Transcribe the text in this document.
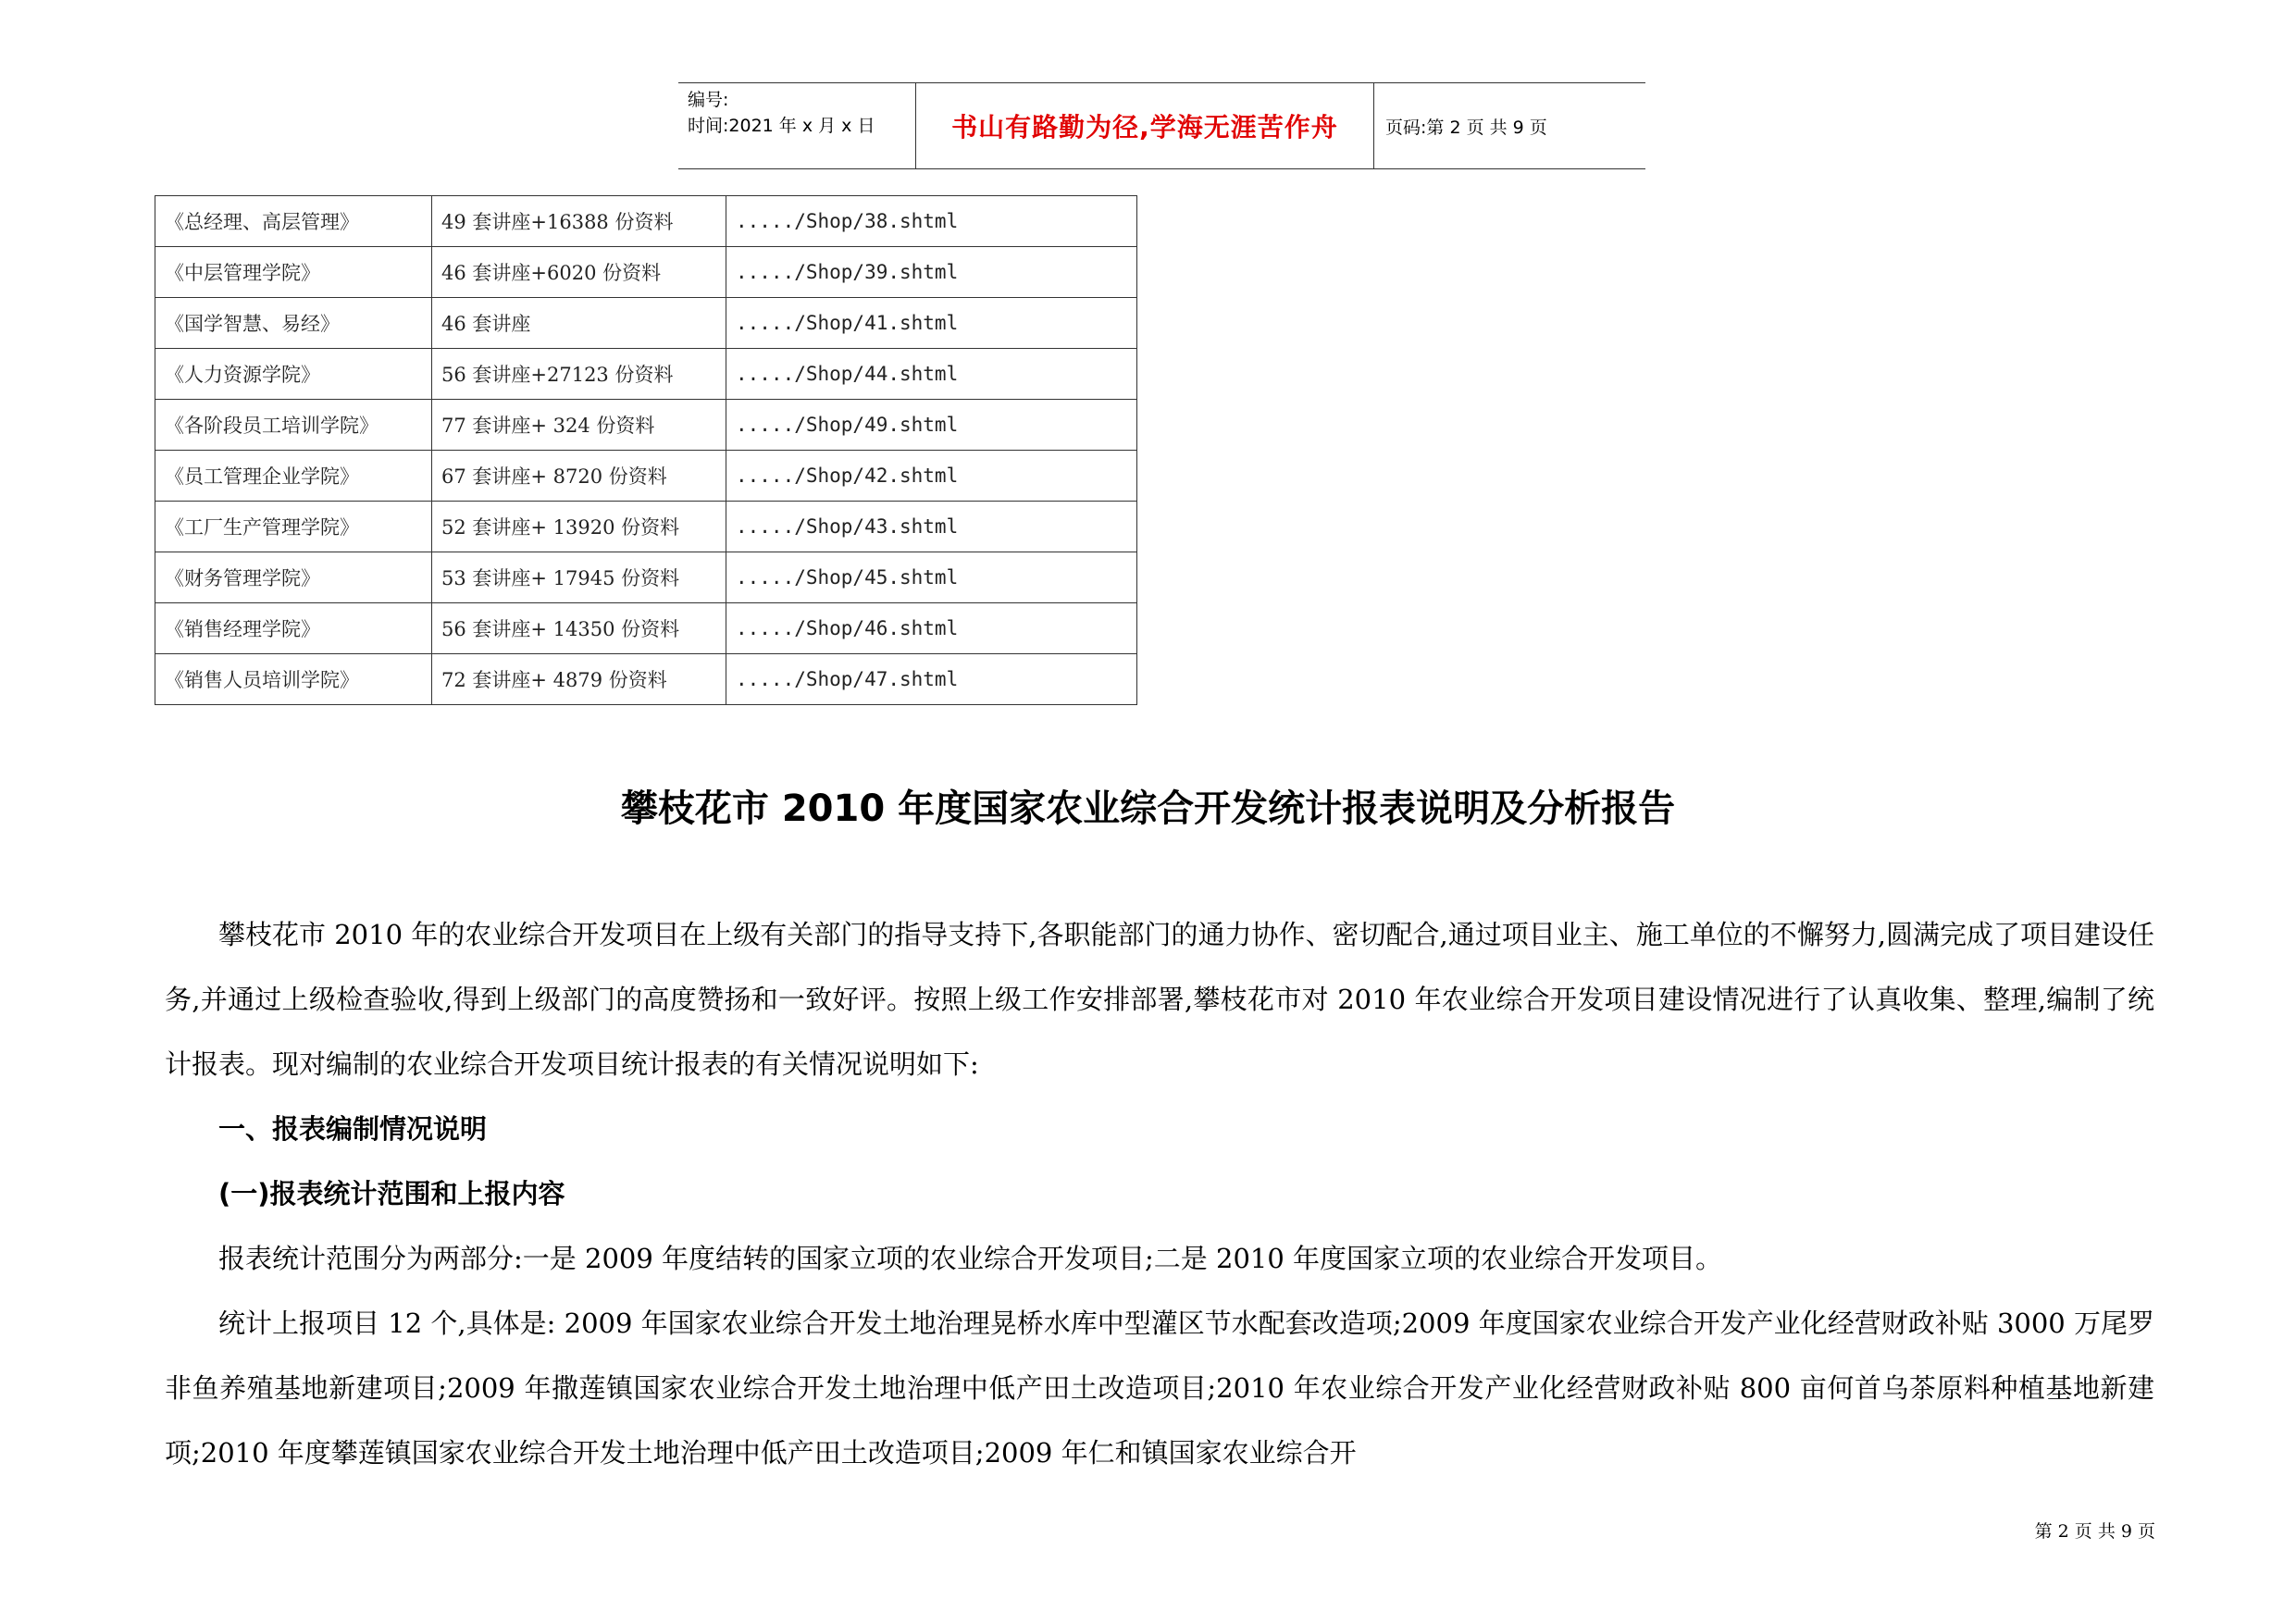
编号:
时间:2021 年 x 月 x 日	书山有路勤为径,学海无涯苦作舟	页码:第 2 页 共 9 页
《总经理、高层管理》	49 套讲座+16388 份资料	...../Shop/38.shtml
《中层管理学院》	46 套讲座+6020 份资料	...../Shop/39.shtml
《国学智慧、易经》	46 套讲座	...../Shop/41.shtml
《人力资源学院》	56 套讲座+27123 份资料	...../Shop/44.shtml
《各阶段员工培训学院》	77 套讲座+ 324 份资料	...../Shop/49.shtml
《员工管理企业学院》	67 套讲座+ 8720 份资料	...../Shop/42.shtml
《工厂生产管理学院》	52 套讲座+ 13920 份资料	...../Shop/43.shtml
《财务管理学院》	53 套讲座+ 17945 份资料	...../Shop/45.shtml
《销售经理学院》	56 套讲座+ 14350 份资料	...../Shop/46.shtml
《销售人员培训学院》	72 套讲座+ 4879 份资料	...../Shop/47.shtml
攀枝花市 2010 年度国家农业综合开发统计报表说明及分析报告

攀枝花市 2010 年的农业综合开发项目在上级有关部门的指导支持下,各职能部门的通力协作、密切配合,通过项目业主、施工单位的不懈努力,圆满完成了项目建设任务,并通过上级检查验收,得到上级部门的高度赞扬和一致好评。按照上级工作安排部署,攀枝花市对 2010 年农业综合开发项目建设情况进行了认真收集、整理,编制了统计报表。现对编制的农业综合开发项目统计报表的有关情况说明如下:

一、报表编制情况说明

(一)报表统计范围和上报内容

报表统计范围分为两部分:一是 2009 年度结转的国家立项的农业综合开发项目;二是 2010 年度国家立项的农业综合开发项目。

统计上报项目 12 个,具体是: 2009 年国家农业综合开发土地治理晃桥水库中型灌区节水配套改造项;2009 年度国家农业综合开发产业化经营财政补贴 3000 万尾罗非鱼养殖基地新建项目;2009 年撒莲镇国家农业综合开发土地治理中低产田土改造项目;2010 年农业综合开发产业化经营财政补贴 800 亩何首乌茶原料种植基地新建项;2010 年度攀莲镇国家农业综合开发土地治理中低产田土改造项目;2009 年仁和镇国家农业综合开

第 2 页 共 9 页
